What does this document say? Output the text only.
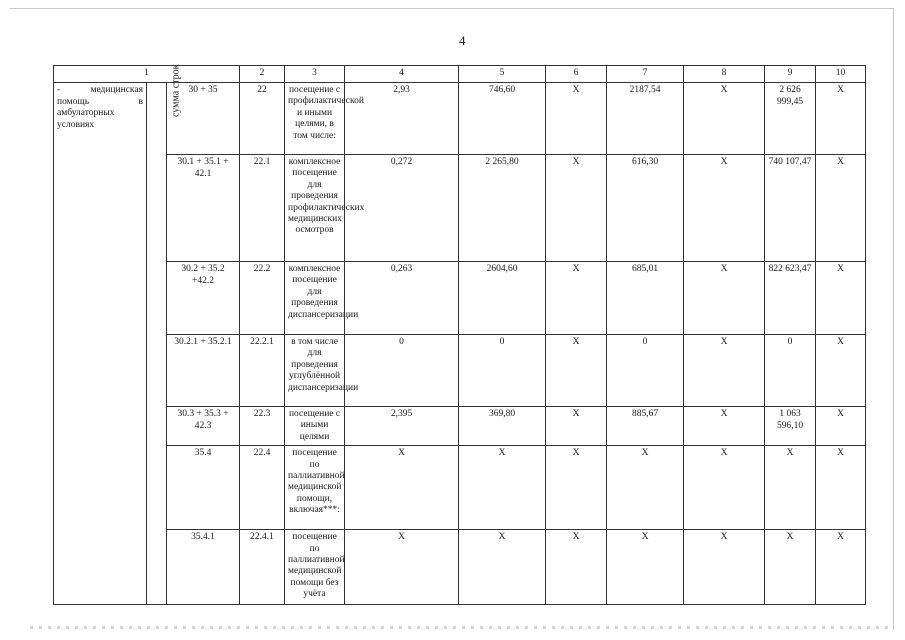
4
1			2	3	4	5	6	7	8	9	10
- медицинская помощь в амбулаторных условиях	сумма строк	30 + 35	22	посещение с профилактической и иными целями, в том числе:	2,93	746,60	X	2187,54	X	2 626 999,45	X
		30.1 + 35.1 + 42.1	22.1	комплексное посещение для проведения профилактических медицинских осмотров	0,272	2 265,80	X	616,30	X	740 107,47	X
		30.2 + 35.2 +42.2	22.2	комплексное посещение для проведения диспансеризации	0,263	2604,60	X	685,01	X	822 623,47	X
		30.2.1 + 35.2.1	22.2.1	в том числе для проведения углублённой диспансеризации	0	0	X	0	X	0	X
		30.3 + 35.3 + 42.3	22.3	посещение с иными целями	2,395	369,80	X	885,67	X	1 063 596,10	X
		35.4	22.4	посещение по паллиативной медицинской помощи, включая***:	X	X	X	X	X	X	X
		35.4.1	22.4.1	посещение по паллиативной медицинской помощи без учёта	X	X	X	X	X	X	X
